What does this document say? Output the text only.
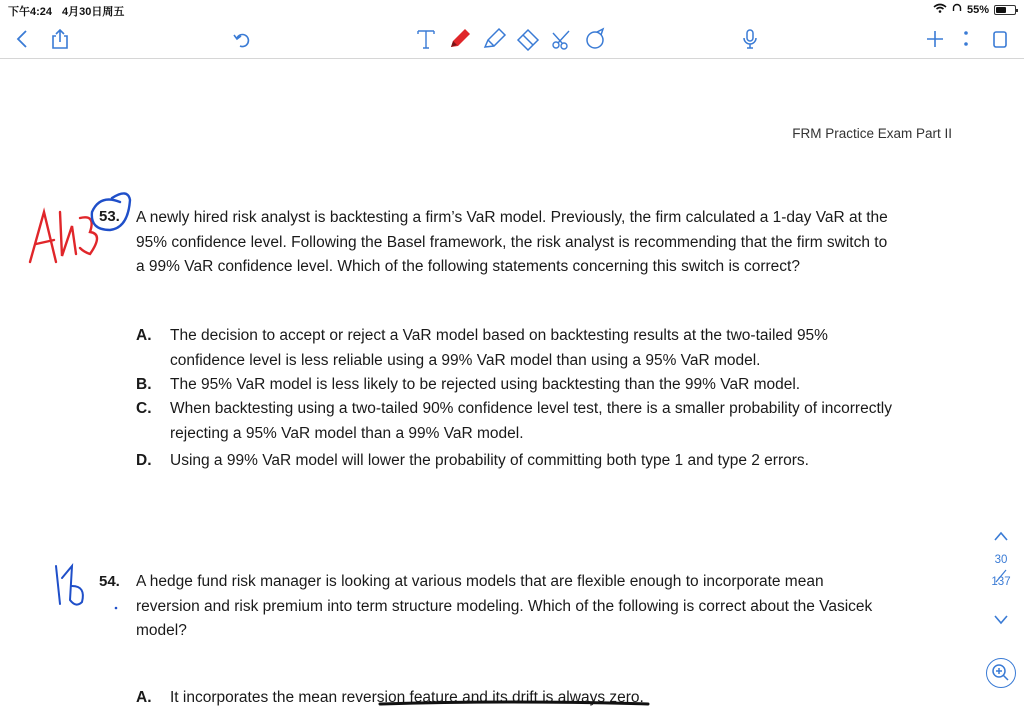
下午4:24 4月30日周五	55%
FRM Practice Exam Part II
53. A newly hired risk analyst is backtesting a firm’s VaR model. Previously, the firm calculated a 1-day VaR at the
95% confidence level. Following the Basel framework, the risk analyst is recommending that the firm switch to
a 99% VaR confidence level. Which of the following statements concerning this switch is correct?
A. The decision to accept or reject a VaR model based on backtesting results at the two-tailed 95%
confidence level is less reliable using a 99% VaR model than using a 95% VaR model.
B. The 95% VaR model is less likely to be rejected using backtesting than the 99% VaR model.
C. When backtesting using a two-tailed 90% confidence level test, there is a smaller probability of incorrectly
rejecting a 95% VaR model than a 99% VaR model.
D. Using a 99% VaR model will lower the probability of committing both type 1 and type 2 errors.
54. A hedge fund risk manager is looking at various models that are flexible enough to incorporate mean
reversion and risk premium into term structure modeling. Which of the following is correct about the Vasicek
model?
A. It incorporates the mean reversion feature and its drift is always zero.
30
137
